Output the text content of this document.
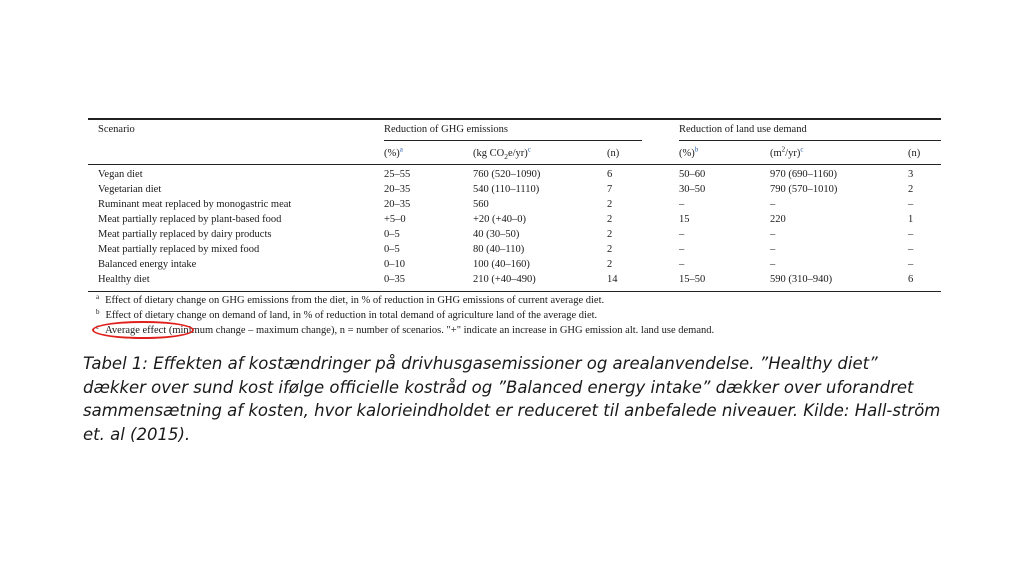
Scenario	Reduction of GHG emissions	Reduction of land use demand
(%)$^a$	(kg $CO_2e/yr)^c$	(n)	(%)$^b$	$(m^2/yr)^c$	(n)
Vegan diet	25–55	760 (520–1090)	6	50–60	970 (690–1160)	3
Vegetarian diet	20–35	540 (110–1110)	7	30–50	790 (570–1010)	2
Ruminant meat replaced by monogastric meat	20–35	560	2	–	–	–
Meat partially replaced by plant-based food	+5–0	+20 (+40–0)	2	15	220	1
Meat partially replaced by dairy products	0–5	40 (30–50)	2	–	–	–
Meat partially replaced by mixed food	0–5	80 (40–110)	2	–	–	–
Balanced energy intake	0–10	100 (40–160)	2	–	–	–
Healthy diet	0–35	210 (+40–490)	14	15–50	590 (310–940)	6
$^a$ Effect of dietary change on GHG emissions from the diet, in % of reduction in GHG emissions of current average diet.
$^b$ Effect of dietary change on demand of land, in % of reduction in total demand of agriculture land of the average diet.
$^c$ Average effect (minimum change – maximum change), n = number of scenarios. "+" indicate an increase in GHG emission alt. land use demand.

Tabel 1: Effekten af kostændringer på drivhusgasemissioner og arealanvendelse. ”Healthy diet” dækker over sund kost ifølge officielle kostråd og ”Balanced energy intake” dækker over uforandret sammensætning af kosten, hvor kalorieindholdet er reduceret til anbefalede niveauer. Kilde: Hall-ström et. al (2015).
